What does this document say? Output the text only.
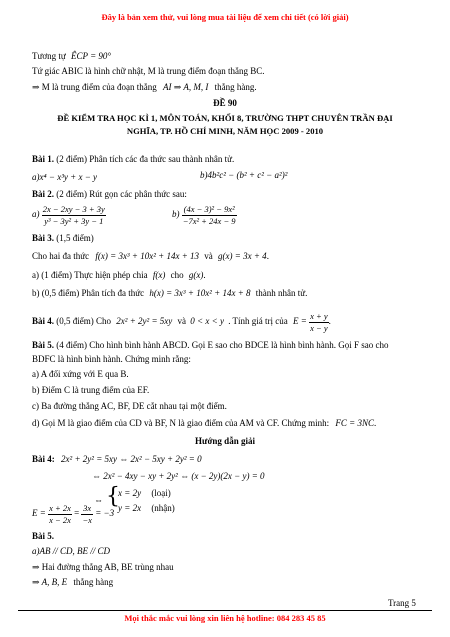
Đây là bản xem thử, vui lòng mua tài liệu để xem chi tiết (có lời giải)
Tương tự ÊCP = 90°
Tứ giác ABIC là hình chữ nhật, M là trung điểm đoạn thẳng BC.
⇒ M là trung điểm của đoạn thẳng AI ⇒ A, M, I thẳng hàng.
ĐỀ 90
ĐỀ KIỂM TRA HỌC KÌ 1, MÔN TOÁN, KHỐI 8, TRƯỜNG THPT CHUYÊN TRẦN ĐẠI
NGHĨA, TP. HỒ CHÍ MINH, NĂM HỌC 2009 - 2010
Bài 1. (2 điểm) Phân tích các đa thức sau thành nhân tử.
a)x⁴ − x³y + x − y	b)4b²c² − (b² + c² − a²)²
Bài 2. (2 điểm) Rút gọn các phân thức sau:
$a) \frac{2x - 2xy - 3 + 3y}{\text{y³ − 3y² + 3y − 1}}$	$b) \frac{\text{(4x − 3)² − 9x²}}{\text{−7x² + 24x − 9}}$
Bài 3. (1,5 điểm)
Cho hai đa thức f(x) = 3x³ + 10x² + 14x + 13 và g(x) = 3x + 4.
a) (1 điểm) Thực hiện phép chia f(x) cho g(x).
b) (0,5 điểm) Phân tích đa thức h(x) = 3x³ + 10x² + 14x + 8 thành nhân tử.
Bài 4. (0,5 điểm) Cho 2x² + 2y² = 5xy và 0 < x < y . Tính giá trị của $E = \frac{x + y}{x - y}$ .
Bài 5. (4 điểm) Cho hình bình hành ABCD. Gọi E sao cho BDCE là hình bình hành. Gọi F sao cho
BDFC là hình bình hành. Chứng minh rằng:
a) A đối xứng với E qua B.
b) Điểm C là trung điểm của EF.
c) Ba đường thẳng AC, BF, DE cắt nhau tại một điểm.
d) Gọi M là giao điểm của CD và BF, N là giao điểm của AM và CF. Chứng minh: FC = 3NC.
Hướng dẫn giải
Bài 4: 2x² + 2y² = 5xy ⇔ 2x² − 5xy + 2y² = 0
⇔ 2x² − 4xy − xy + 2y² ⇔ (x − 2y)(2x − y) = 0
⇔ {
x = 2y (loại)
y = 2x (nhận)
$E = \frac{x + 2x}{x - 2x} = \frac{3x}{-x} = -3$
Bài 5.
a)AB // CD, BE // CD
⇒ Hai đường thẳng AB, BE trùng nhau
⇒ A, B, E thẳng hàng
Trang 5
Mọi thắc mắc vui lòng xin liên hệ hotline: 084 283 45 85
